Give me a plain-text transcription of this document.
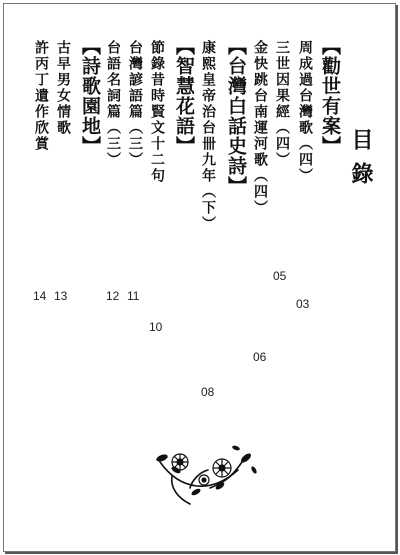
目錄
【勸世有案】
周成過台灣歌（四）
三世因果經（四）
金快跳台南運河歌（四）
【台灣白話史詩】
康熙皇帝治台卌九年（下）
【智慧花語】
節錄昔時賢文十二句
台灣諺語篇（三）
台語名詞篇（三）
【詩歌園地】
古早男女情歌
許丙丁遺作欣賞
03
05
06
08
10
11
12
13
14
